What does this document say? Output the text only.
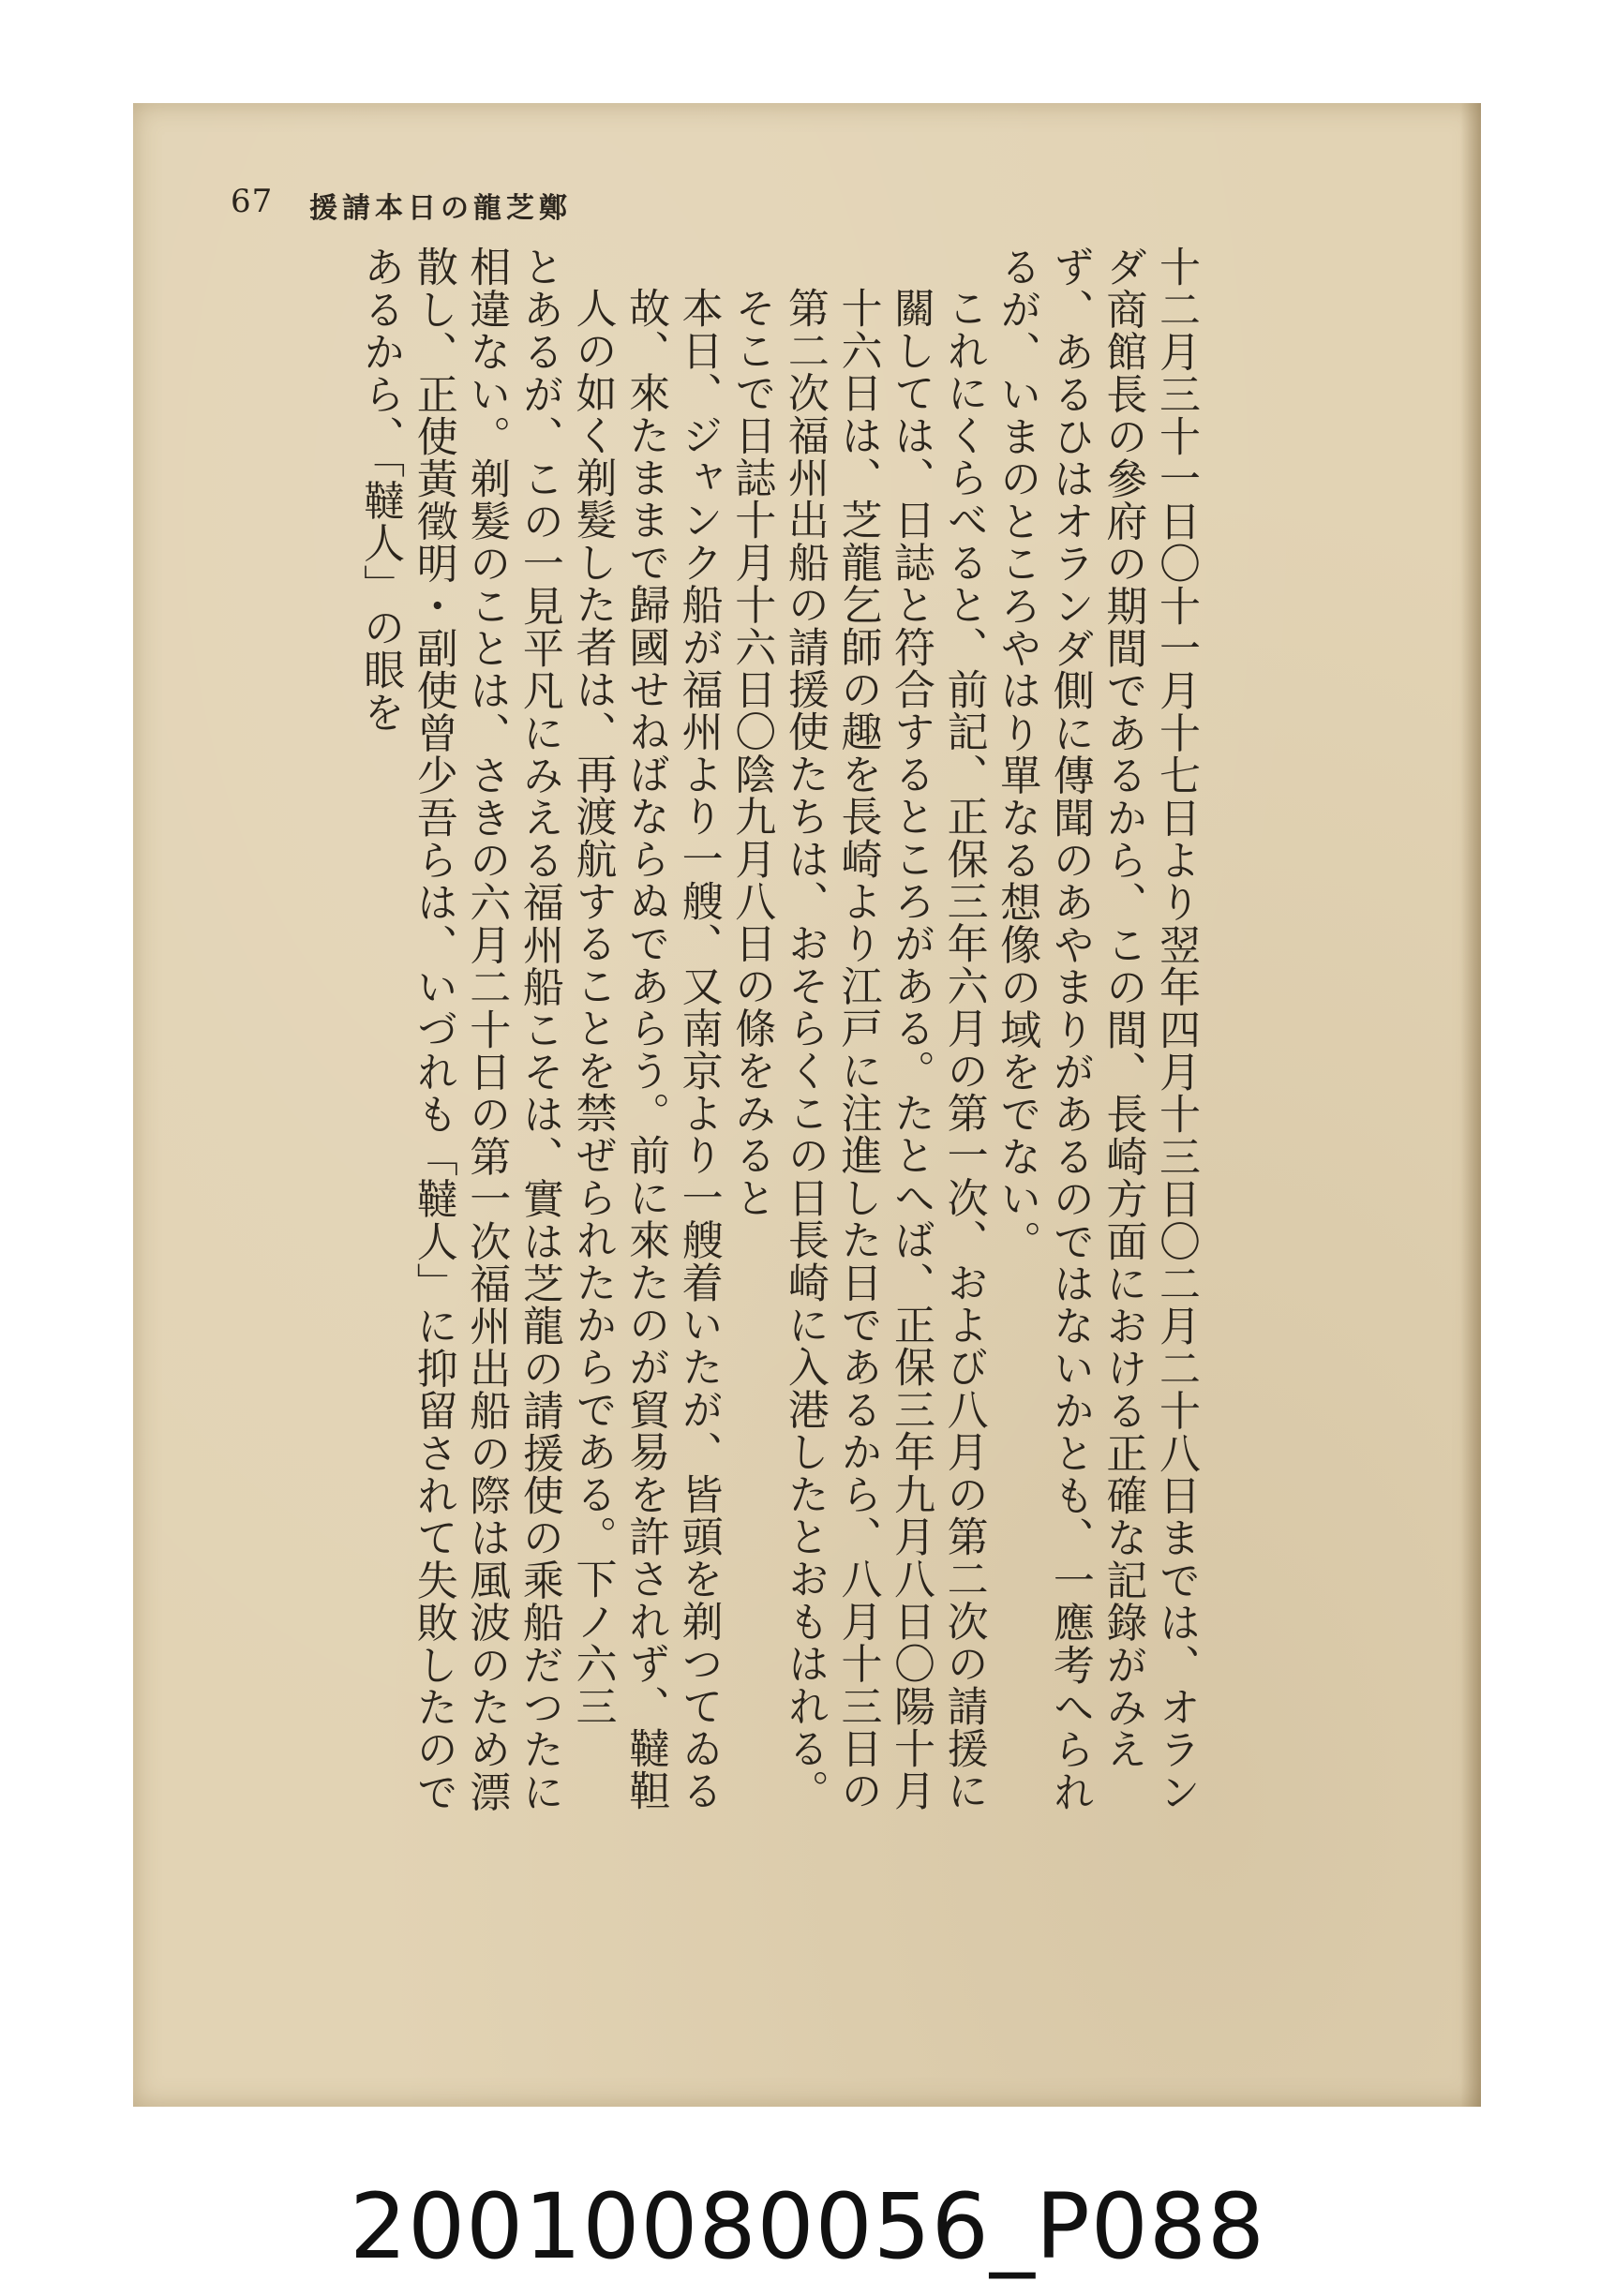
67 援請本日の龍芝鄭

十二月三十一日〇十一月十七日より翌年四月十三日〇二月二十八日までは、オランダ商館長の參府の期間であるから、この間、長崎方面における正確な記錄がみえず、あるひはオランダ側に傳聞のあやまりがあるのではないかとも、一應考へられるが、いまのところやはり單なる想像の域をでない。

これにくらべると、前記、正保三年六月の第一次、および八月の第二次の請援に關しては、日誌と符合するところがある。たとへば、正保三年九月八日〇陽十月十六日は、芝龍乞師の趣を長崎より江戸に注進した日であるから、八月十三日の第二次福州出船の請援使たちは、おそらくこの日長崎に入港したとおもはれる。そこで日誌十月十六日〇陰九月八日の條をみると

本日、ジャンク船が福州より一艘、又南京より一艘着いたが、皆頭を剃つてゐる故、來たままで歸國せねばならぬであらう。前に來たのが貿易を許されず、韃靼人の如く剃髮した者は、再渡航することを禁ぜられたからである。下ノ六三

とあるが、この一見平凡にみえる福州船こそは、實は芝龍の請援使の乘船だつたに相違ない。剃髮のことは、さきの六月二十日の第一次福州出船の際は風波のため漂散し、正使黃徵明・副使曾少吾らは、いづれも「韃人」に抑留されて失敗したのであるから、「韃人」の眼を

20010080056_P088
